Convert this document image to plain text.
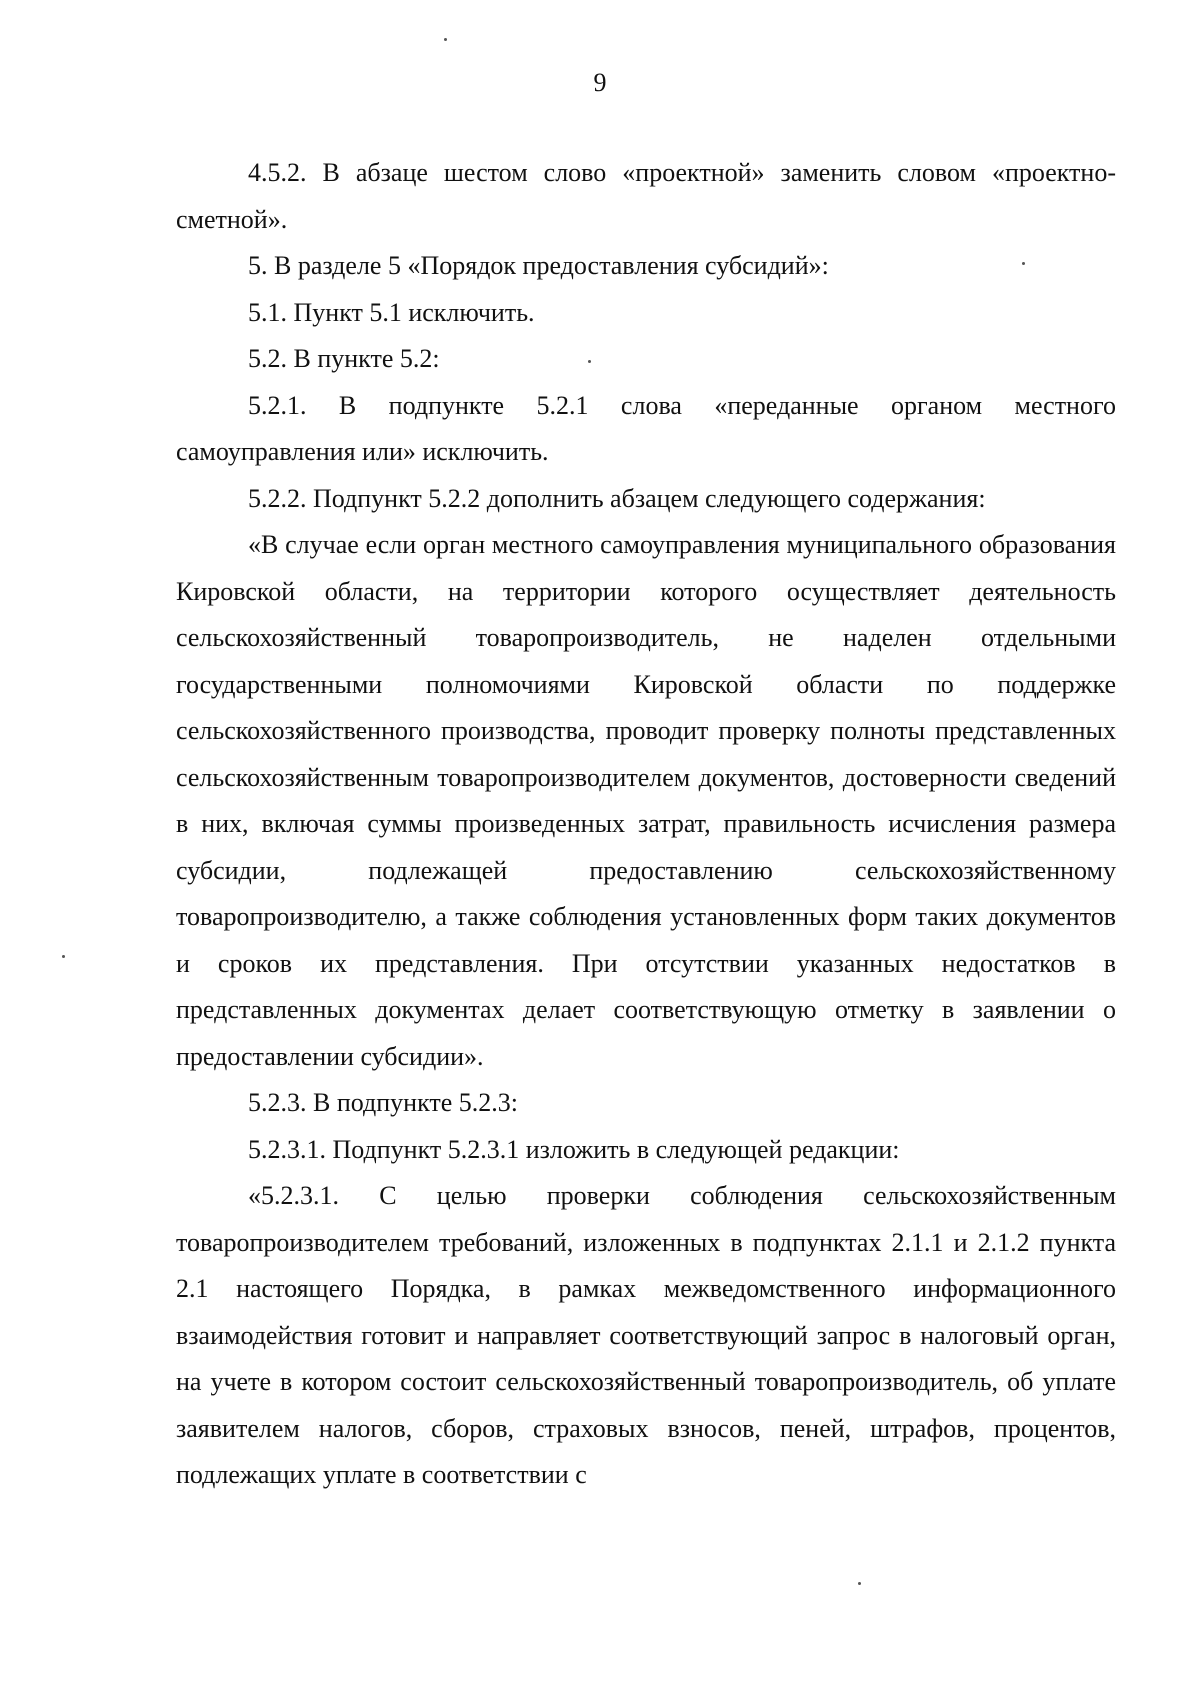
9

4.5.2. В абзаце шестом слово «проектной» заменить словом «проектно-сметной».

5. В разделе 5 «Порядок предоставления субсидий»:

5.1. Пункт 5.1 исключить.

5.2. В пункте 5.2:

5.2.1. В подпункте 5.2.1 слова «переданные органом местного самоуправления или» исключить.

5.2.2. Подпункт 5.2.2 дополнить абзацем следующего содержания:

«В случае если орган местного самоуправления муниципального образования Кировской области, на территории которого осуществляет деятельность сельскохозяйственный товаропроизводитель, не наделен отдельными государственными полномочиями Кировской области по поддержке сельскохозяйственного производства, проводит проверку полноты представленных сельскохозяйственным товаропроизводителем документов, достоверности сведений в них, включая суммы произведенных затрат, правильность исчисления размера субсидии, подлежащей предоставлению сельскохозяйственному товаропроизводителю, а также соблюдения установленных форм таких документов и сроков их представления. При отсутствии указанных недостатков в представленных документах делает соответствующую отметку в заявлении о предоставлении субсидии».

5.2.3. В подпункте 5.2.3:

5.2.3.1. Подпункт 5.2.3.1 изложить в следующей редакции:

«5.2.3.1. С целью проверки соблюдения сельскохозяйственным товаропроизводителем требований, изложенных в подпунктах 2.1.1 и 2.1.2 пункта 2.1 настоящего Порядка, в рамках межведомственного информационного взаимодействия готовит и направляет соответствующий запрос в налоговый орган, на учете в котором состоит сельскохозяйственный товаропроизводитель, об уплате заявителем налогов, сборов, страховых взносов, пеней, штрафов, процентов, подлежащих уплате в соответствии с
